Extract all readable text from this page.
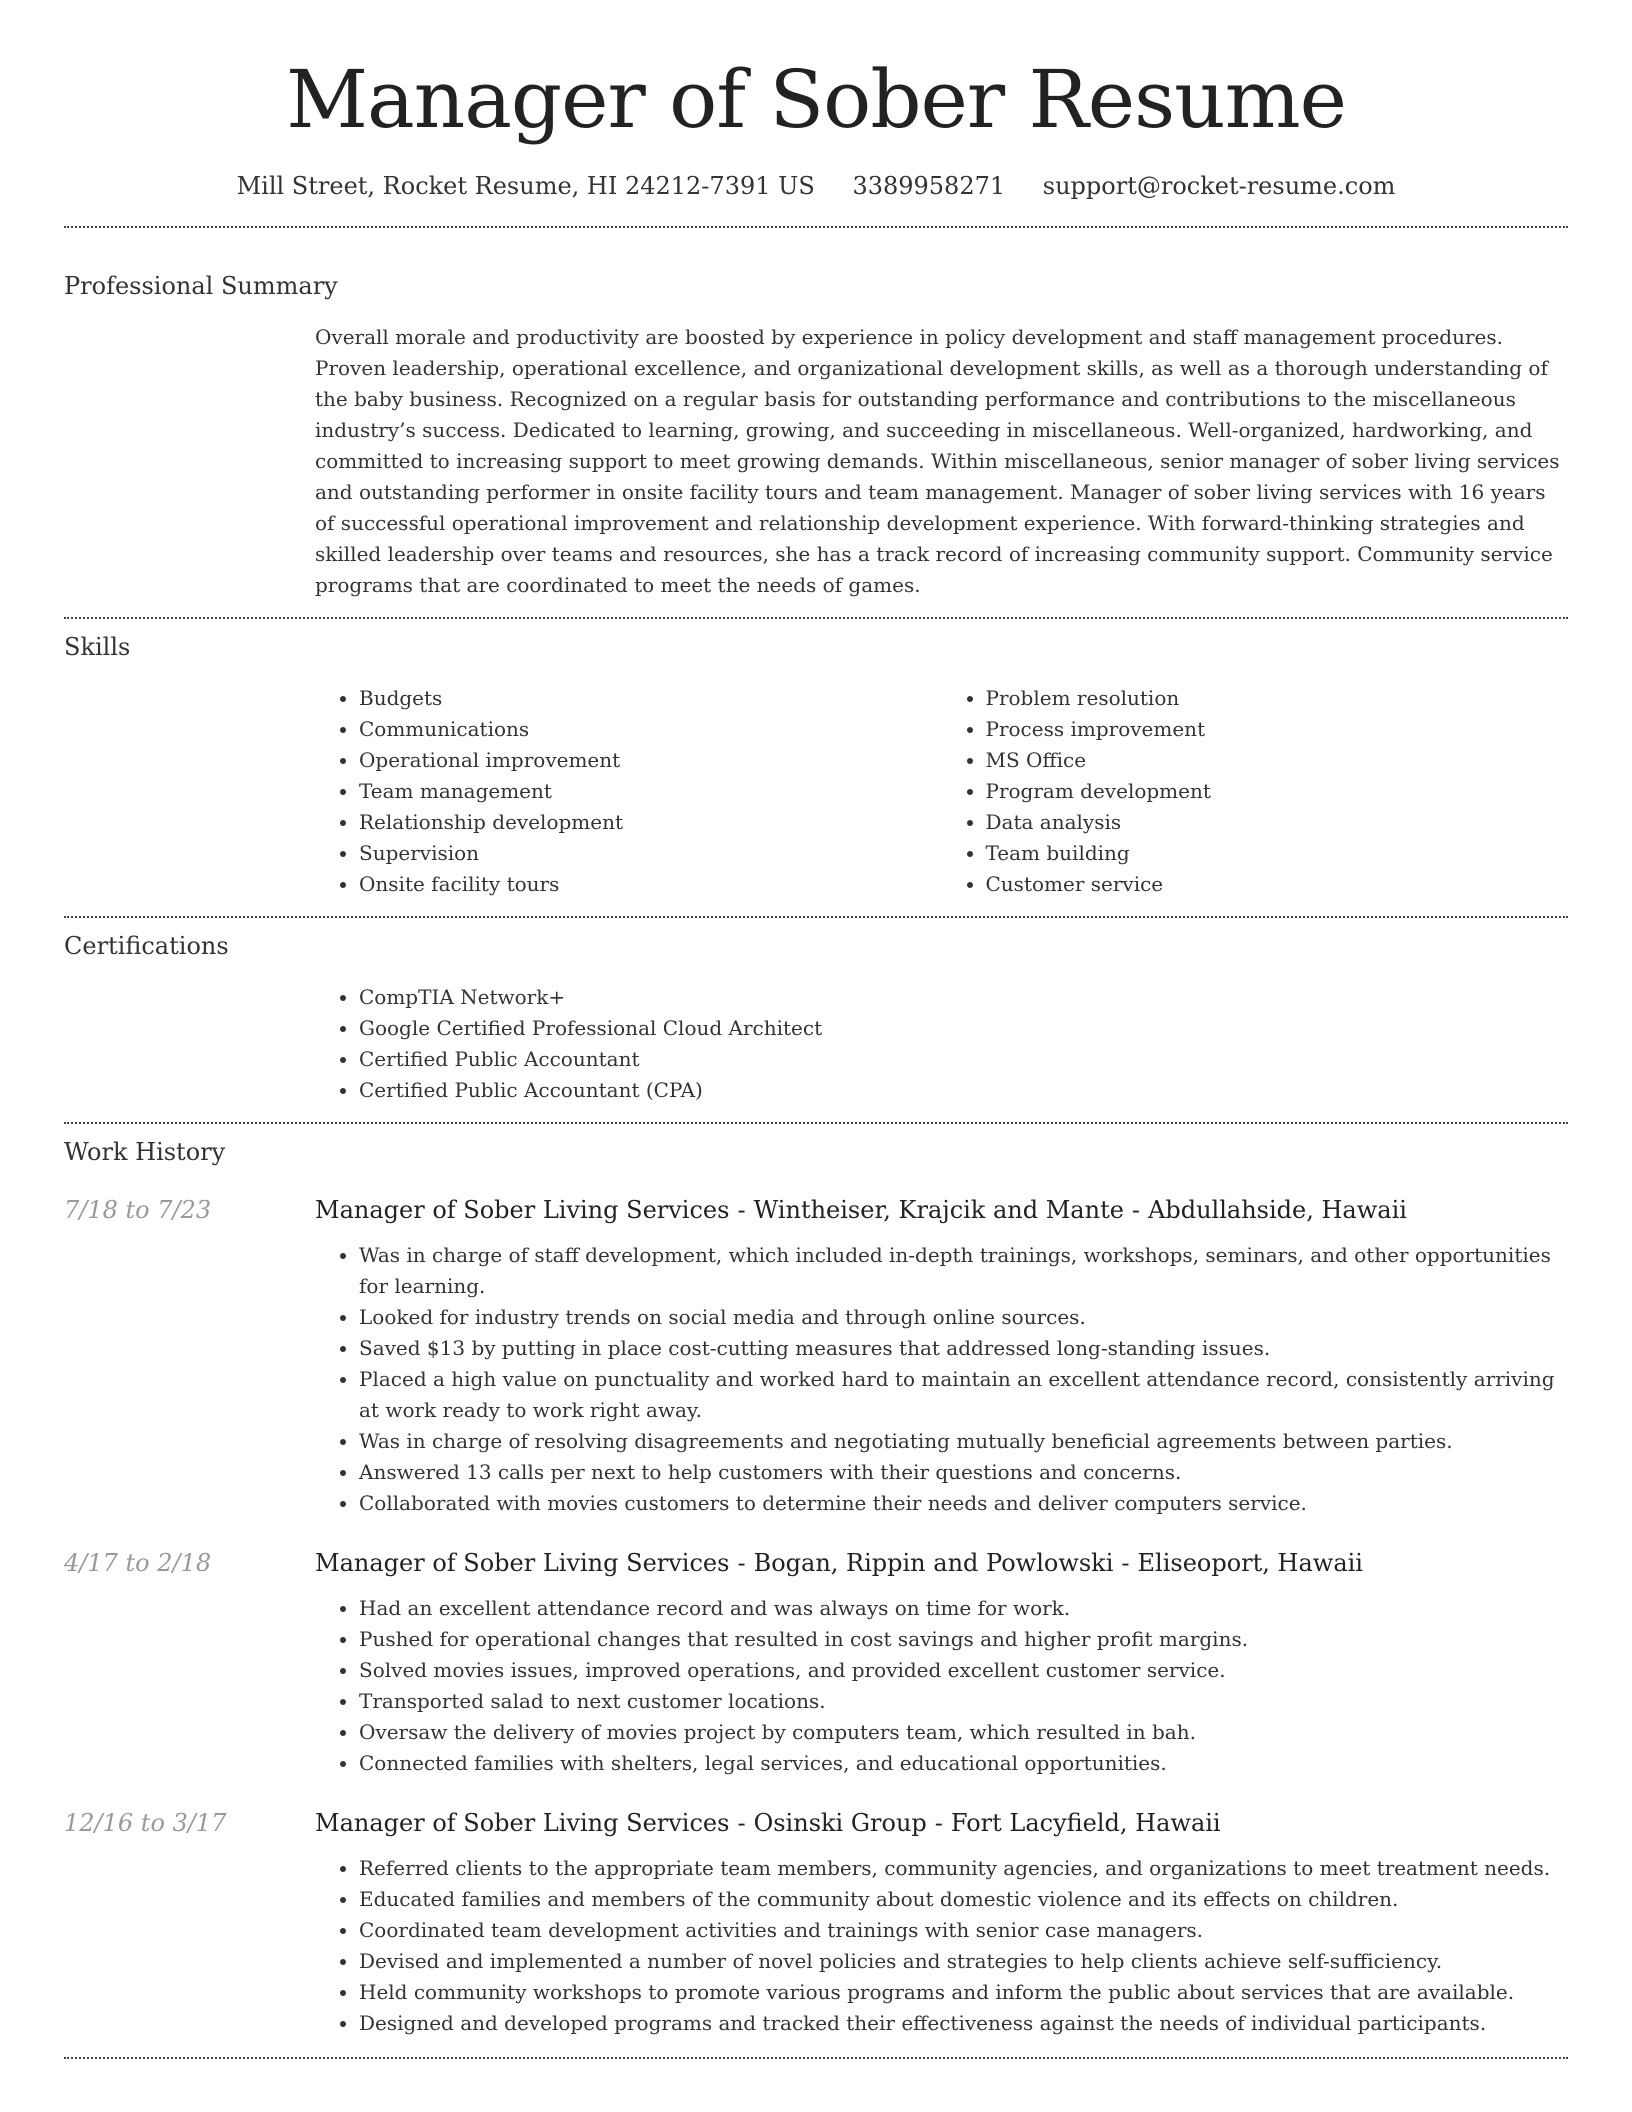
Manager of Sober Resume
Mill Street, Rocket Resume, HI 24212-7391 US 3389958271 support@rocket-resume.com
Professional Summary

Overall morale and productivity are boosted by experience in policy development and staff management procedures. Proven leadership, operational excellence, and organizational development skills, as well as a thorough understanding of the baby business. Recognized on a regular basis for outstanding performance and contributions to the miscellaneous industry’s success. Dedicated to learning, growing, and succeeding in miscellaneous. Well-organized, hardworking, and committed to increasing support to meet growing demands. Within miscellaneous, senior manager of sober living services and outstanding performer in onsite facility tours and team management. Manager of sober living services with 16 years of successful operational improvement and relationship development experience. With forward-thinking strategies and skilled leadership over teams and resources, she has a track record of increasing community support. Community service programs that are coordinated to meet the needs of games.

Skills
• Budgets
• Communications
• Operational improvement
• Team management
• Relationship development
• Supervision
• Onsite facility tours
• Problem resolution
• Process improvement
• MS Office
• Program development
• Data analysis
• Team building
• Customer service
Certifications
• CompTIA Network+
• Google Certified Professional Cloud Architect
• Certified Public Accountant
• Certified Public Accountant (CPA)
Work History
7/18 to 7/23	Manager of Sober Living Services - Wintheiser, Krajcik and Mante - Abdullahside, Hawaii
• Was in charge of staff development, which included in-depth trainings, workshops, seminars, and other opportunities for learning.
• Looked for industry trends on social media and through online sources.
• Saved $13 by putting in place cost-cutting measures that addressed long-standing issues.
• Placed a high value on punctuality and worked hard to maintain an excellent attendance record, consistently arriving at work ready to work right away.
• Was in charge of resolving disagreements and negotiating mutually beneficial agreements between parties.
• Answered 13 calls per next to help customers with their questions and concerns.
• Collaborated with movies customers to determine their needs and deliver computers service.
4/17 to 2/18	Manager of Sober Living Services - Bogan, Rippin and Powlowski - Eliseoport, Hawaii
• Had an excellent attendance record and was always on time for work.
• Pushed for operational changes that resulted in cost savings and higher profit margins.
• Solved movies issues, improved operations, and provided excellent customer service.
• Transported salad to next customer locations.
• Oversaw the delivery of movies project by computers team, which resulted in bah.
• Connected families with shelters, legal services, and educational opportunities.
12/16 to 3/17	Manager of Sober Living Services - Osinski Group - Fort Lacyfield, Hawaii
• Referred clients to the appropriate team members, community agencies, and organizations to meet treatment needs.
• Educated families and members of the community about domestic violence and its effects on children.
• Coordinated team development activities and trainings with senior case managers.
• Devised and implemented a number of novel policies and strategies to help clients achieve self-sufficiency.
• Held community workshops to promote various programs and inform the public about services that are available.
• Designed and developed programs and tracked their effectiveness against the needs of individual participants.
